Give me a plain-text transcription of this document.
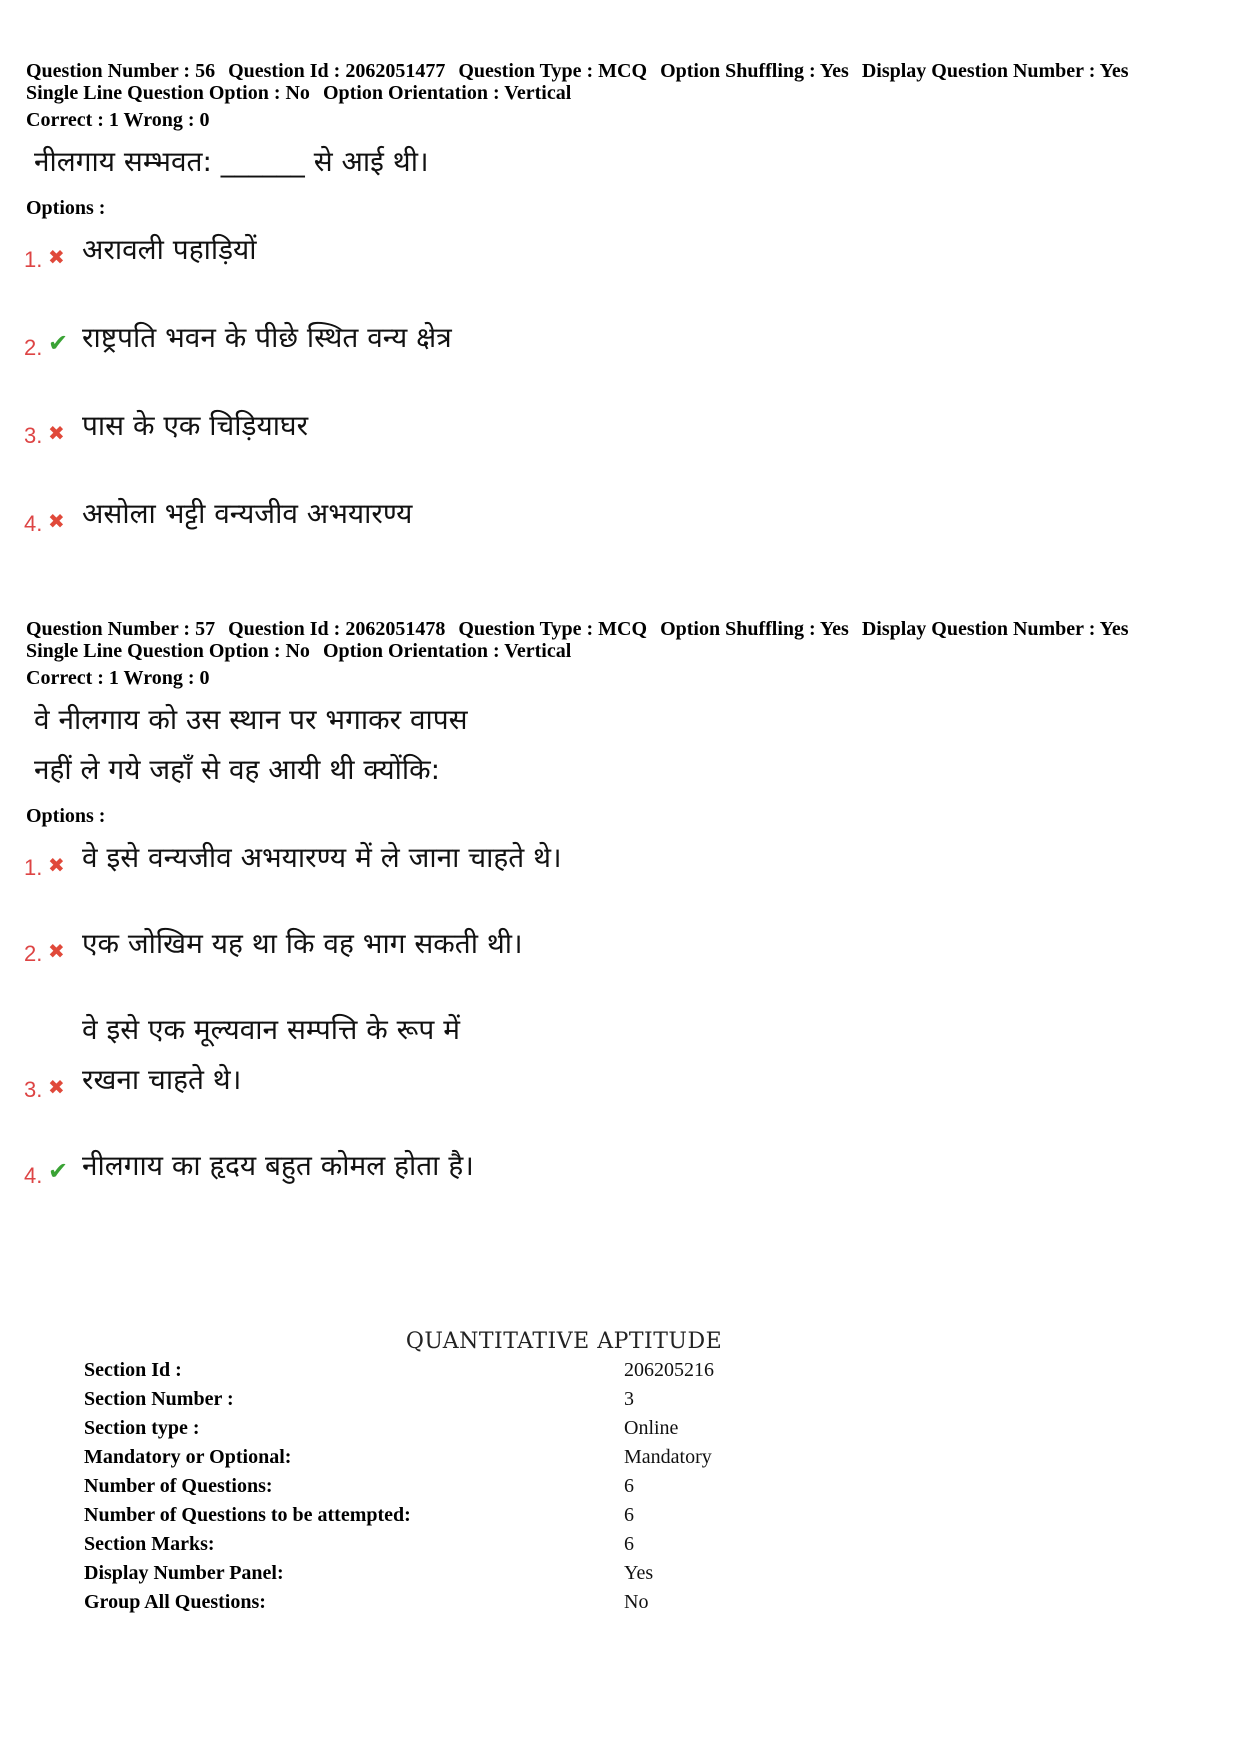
Question Number : 56 Question Id : 2062051477 Question Type : MCQ Option Shuffling : Yes Display Question Number : Yes
Single Line Question Option : No Option Orientation : Vertical
Correct : 1 Wrong : 0
नीलगाय सम्भवत: ______ से आई थी।
Options :
1. ✖ अरावली पहाड़ियों
2. ✔ राष्ट्रपति भवन के पीछे स्थित वन्य क्षेत्र
3. ✖ पास के एक चिड़ियाघर
4. ✖ असोला भट्टी वन्यजीव अभयारण्य
Question Number : 57 Question Id : 2062051478 Question Type : MCQ Option Shuffling : Yes Display Question Number : Yes
Single Line Question Option : No Option Orientation : Vertical
Correct : 1 Wrong : 0
वे नीलगाय को उस स्थान पर भगाकर वापस
नहीं ले गये जहाँ से वह आयी थी क्योंकि:
Options :
1. ✖ वे इसे वन्यजीव अभयारण्य में ले जाना चाहते थे।
2. ✖ एक जोखिम यह था कि वह भाग सकती थी।
3. ✖
वे इसे एक मूल्यवान सम्पत्ति के रूप में
रखना चाहते थे।
4. ✔ नीलगाय का हृदय बहुत कोमल होता है।
QUANTITATIVE APTITUDE
Section Id :	206205216
Section Number :	3
Section type :	Online
Mandatory or Optional:	Mandatory
Number of Questions:	6
Number of Questions to be attempted:	6
Section Marks:	6
Display Number Panel:	Yes
Group All Questions:	No
